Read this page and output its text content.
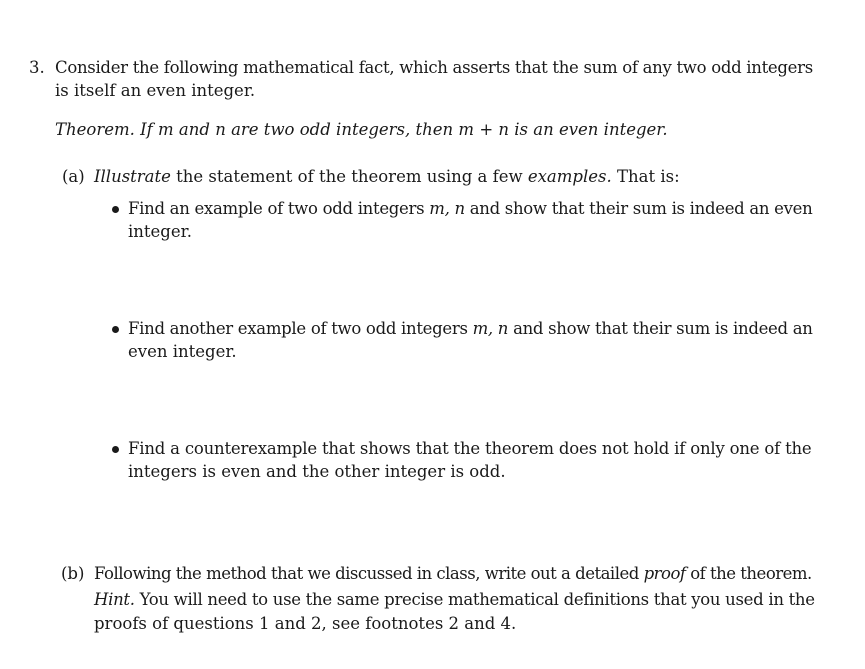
3. Consider the following mathematical fact, which asserts that the sum of any two odd integers
is itself an even integer.
Theorem. If m and n are two odd integers, then m + n is an even integer.
(a) Illustrate the statement of the theorem using a few examples. That is:
Find an example of two odd integers m, n and show that their sum is indeed an even
integer.
Find another example of two odd integers m, n and show that their sum is indeed an
even integer.
Find a counterexample that shows that the theorem does not hold if only one of the
integers is even and the other integer is odd.
(b) Following the method that we discussed in class, write out a detailed proof of the theorem.
Hint. You will need to use the same precise mathematical definitions that you used in the
proofs of questions 1 and 2, see footnotes 2 and 4.
